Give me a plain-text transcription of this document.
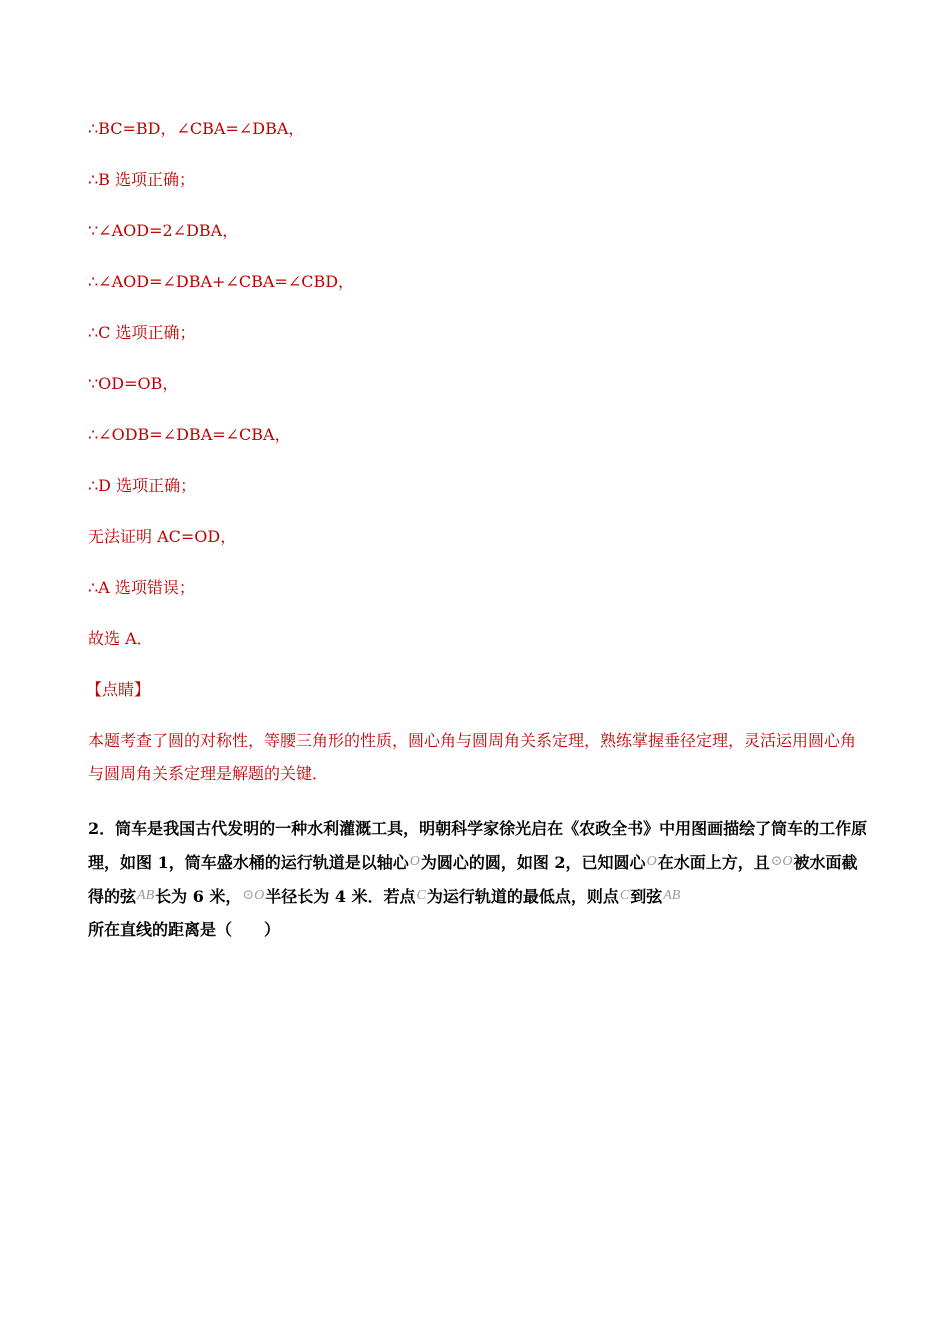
∴BC=BD，∠CBA=∠DBA，
∴B 选项正确；
∵∠AOD=2∠DBA，
∴∠AOD=∠DBA+∠CBA=∠CBD，
∴C 选项正确；
∵OD=OB，
∴∠ODB=∠DBA=∠CBA，
∴D 选项正确；
无法证明 AC=OD，
∴A 选项错误；
故选 A．
【点睛】
本题考查了圆的对称性，等腰三角形的性质，圆心角与圆周角关系定理，熟练掌握垂径定理，灵活运用圆心角与圆周角关系定理是解题的关键．
2．筒车是我国古代发明的一种水利灌溉工具，明朝科学家徐光启在《农政全书》中用图画描绘了筒车的工作原理，如图 1，筒车盛水桶的运行轨道是以轴心O为圆心的圆，如图 2，已知圆心O在水面上方，且⊙O被水面截得的弦AB长为 6 米，⊙O半径长为 4 米．若点C为运行轨道的最低点，则点C到弦AB所在直线的距离是（　　）
